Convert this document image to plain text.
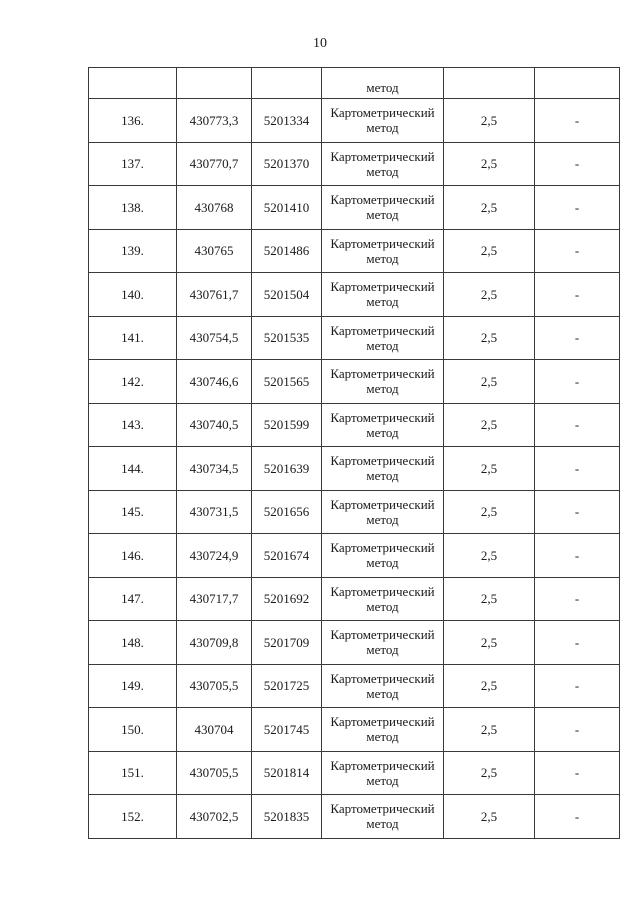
10
			метод		
136.	430773,3	5201334	Картометрический метод	2,5	-
137.	430770,7	5201370	Картометрический метод	2,5	-
138.	430768	5201410	Картометрический метод	2,5	-
139.	430765	5201486	Картометрический метод	2,5	-
140.	430761,7	5201504	Картометрический метод	2,5	-
141.	430754,5	5201535	Картометрический метод	2,5	-
142.	430746,6	5201565	Картометрический метод	2,5	-
143.	430740,5	5201599	Картометрический метод	2,5	-
144.	430734,5	5201639	Картометрический метод	2,5	-
145.	430731,5	5201656	Картометрический метод	2,5	-
146.	430724,9	5201674	Картометрический метод	2,5	-
147.	430717,7	5201692	Картометрический метод	2,5	-
148.	430709,8	5201709	Картометрический метод	2,5	-
149.	430705,5	5201725	Картометрический метод	2,5	-
150.	430704	5201745	Картометрический метод	2,5	-
151.	430705,5	5201814	Картометрический метод	2,5	-
152.	430702,5	5201835	Картометрический метод	2,5	-
